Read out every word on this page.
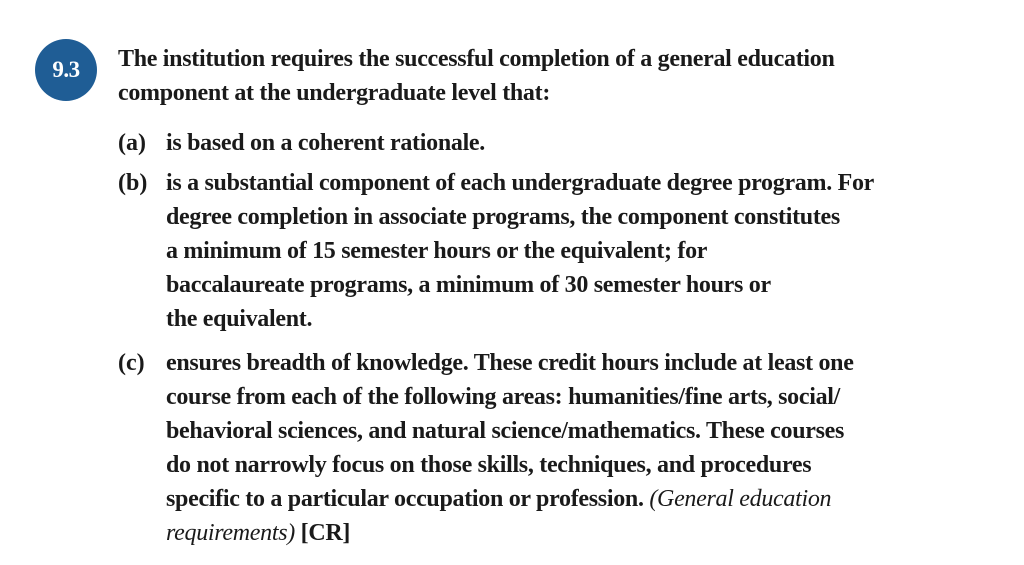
9.3 The institution requires the successful completion of a general education
component at the undergraduate level that:
(a) is based on a coherent rationale.
(b) is a substantial component of each undergraduate degree program. For
degree completion in associate programs, the component constitutes
a minimum of 15 semester hours or the equivalent; for
baccalaureate programs, a minimum of 30 semester hours or
the equivalent.
(c) ensures breadth of knowledge. These credit hours include at least one
course from each of the following areas: humanities/fine arts, social/
behavioral sciences, and natural science/mathematics. These courses
do not narrowly focus on those skills, techniques, and procedures
specific to a particular occupation or profession. (General education
requirements) [CR]
